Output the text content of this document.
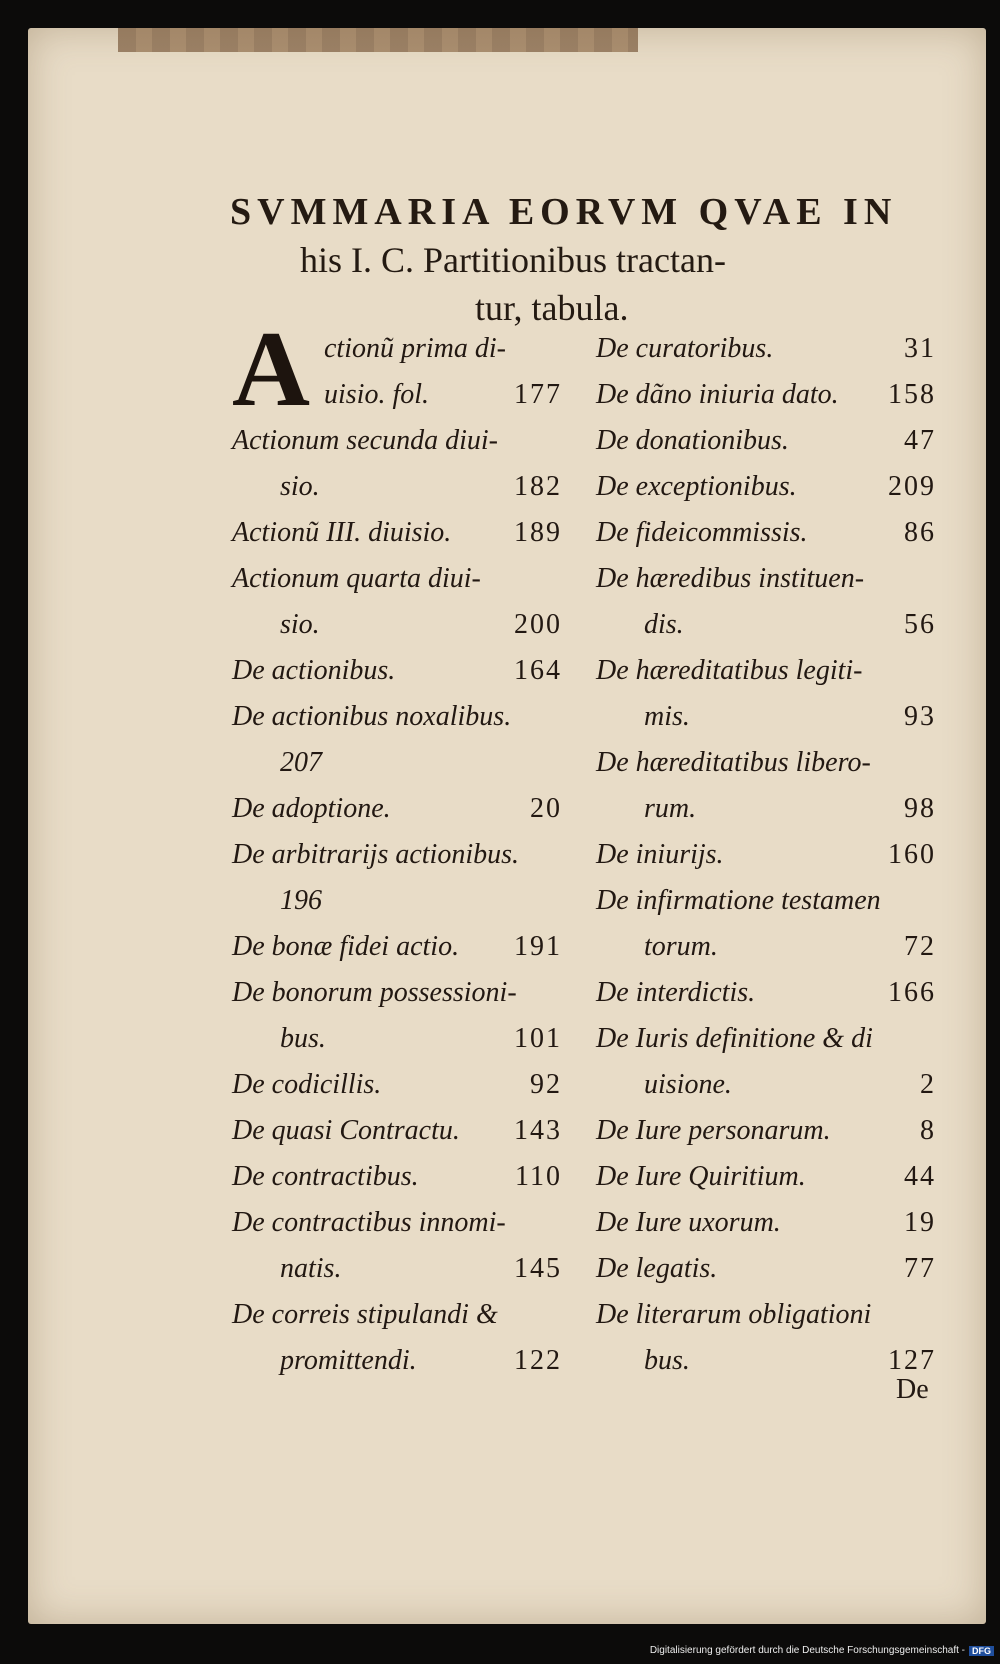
SVMMARIA EORVM QVAE IN
his I. C. Partitionibus tractan-
tur, tabula.
A ctionũ prima di-
uisio. fol.	177
Actionum secunda diui-
sio.	182
Actionũ III. diuisio. 189
Actionum quarta diui-
sio.	200
De actionibus.	164
De actionibus noxalibus.
207
De adoptione.	20
De arbitrarijs actionibus.
196
De bonæ fidei actio. 191
De bonorum possessioni-
bus.	101
De codicillis.	92
De quasi Contractu. 143
De contractibus.	110
De contractibus innomi-
natis.	145
De correis stipulandi &
promittendi.	122
De curatoribus.	31
De dãno iniuria dato. 158
De donationibus.	47
De exceptionibus.	209
De fideicommissis.	86
De hæredibus instituen-
dis.	56
De hæreditatibus legiti-
mis.	93
De hæreditatibus libero-
rum.	98
De iniurijs.	160
De infirmatione testamen
torum.	72
De interdictis.	166
De Iuris definitione & di
uisione.	2
De Iure personarum.	8
De Iure Quiritium.	44
De Iure uxorum.	19
De legatis.	77
De literarum obligationi
bus.	127
De
Digitalisierung gefördert durch die Deutsche Forschungsgemeinschaft - DFG
